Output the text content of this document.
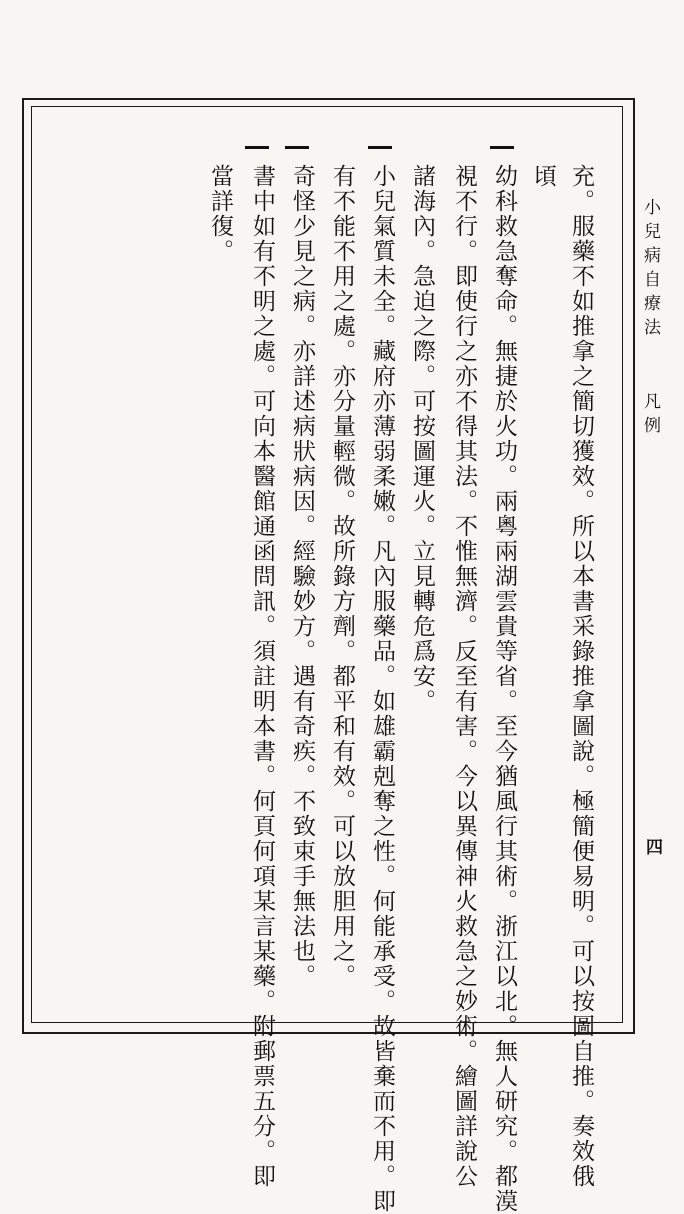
小兒病自療法
凡例
四
充。服藥不如推拿之簡切獲效。所以本書采錄推拿圖說。極簡便易明。可以按圖自推。奏效俄
頃
幼科救急奪命。無捷於火功。兩粵兩湖雲貴等省。至今猶風行其術。浙江以北。無人研究。都漠
視不行。即使行之亦不得其法。不惟無濟。反至有害。今以異傳神火救急之妙術。繪圖詳說公
諸海內。急迫之際。可按圖運火。立見轉危爲安。
小兒氣質未全。藏府亦薄弱柔嫩。凡內服藥品。如雄霸剋奪之性。何能承受。故皆棄而不用。即
有不能不用之處。亦分量輕微。故所錄方劑。都平和有效。可以放胆用之。
奇怪少見之病。亦詳述病狀病因。經驗妙方。遇有奇疾。不致束手無法也。
書中如有不明之處。可向本醫館通函問訊。須註明本書。何頁何項某言某藥。附郵票五分。即
當詳復。
